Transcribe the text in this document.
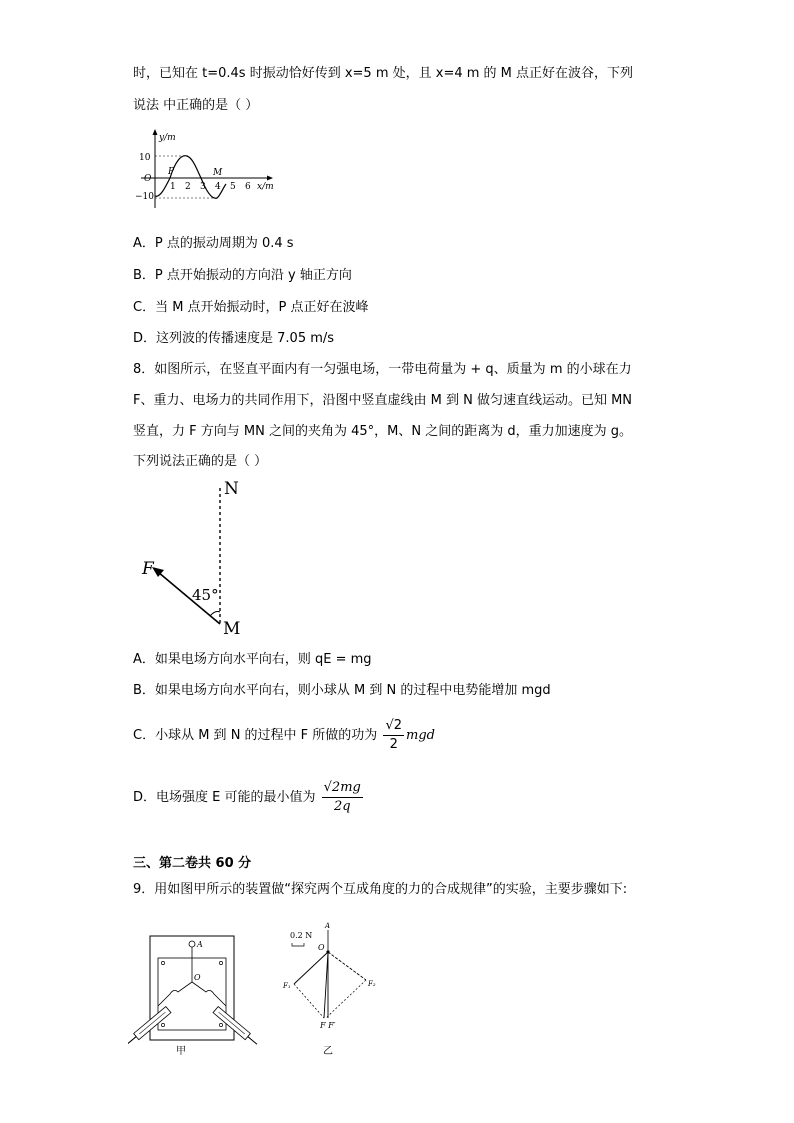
时，已知在 t=0.4s 时振动恰好传到 x=5 m 处，且 x=4 m 的 M 点正好在波谷，下列
说法 中正确的是（ ）
y/m
x/m
10
−10
O
1 2 3 4 5 6
P	M
A．P 点的振动周期为 0.4 s
B．P 点开始振动的方向沿 y 轴正方向
C．当 M 点开始振动时，P 点正好在波峰
D．这列波的传播速度是 7.05 m/s
8．如图所示，在竖直平面内有一匀强电场，一带电荷量为 + q、质量为 m 的小球在力
F、重力、电场力的共同作用下，沿图中竖直虚线由 M 到 N 做匀速直线运动。已知 MN
竖直，力 F 方向与 MN 之间的夹角为 45°，M、N 之间的距离为 d，重力加速度为 g。
下列说法正确的是（ ）
N
M
F
45°
A．如果电场方向水平向右，则 qE = mg
B．如果电场方向水平向右，则小球从 M 到 N 的过程中电势能增加 mgd
C．小球从 M 到 N 的过程中 F 所做的功为 $\frac{√2}{2}$ mgd
D．电场强度 E 可能的最小值为 $\frac{√2mg}{2q}$
三、第二卷共 60 分
9．用如图甲所示的装置做“探究两个互成角度的力的合成规律”的实验，主要步骤如下:
A
O
甲
0.2 N
A
O
F₁	F₂
F F′
乙
